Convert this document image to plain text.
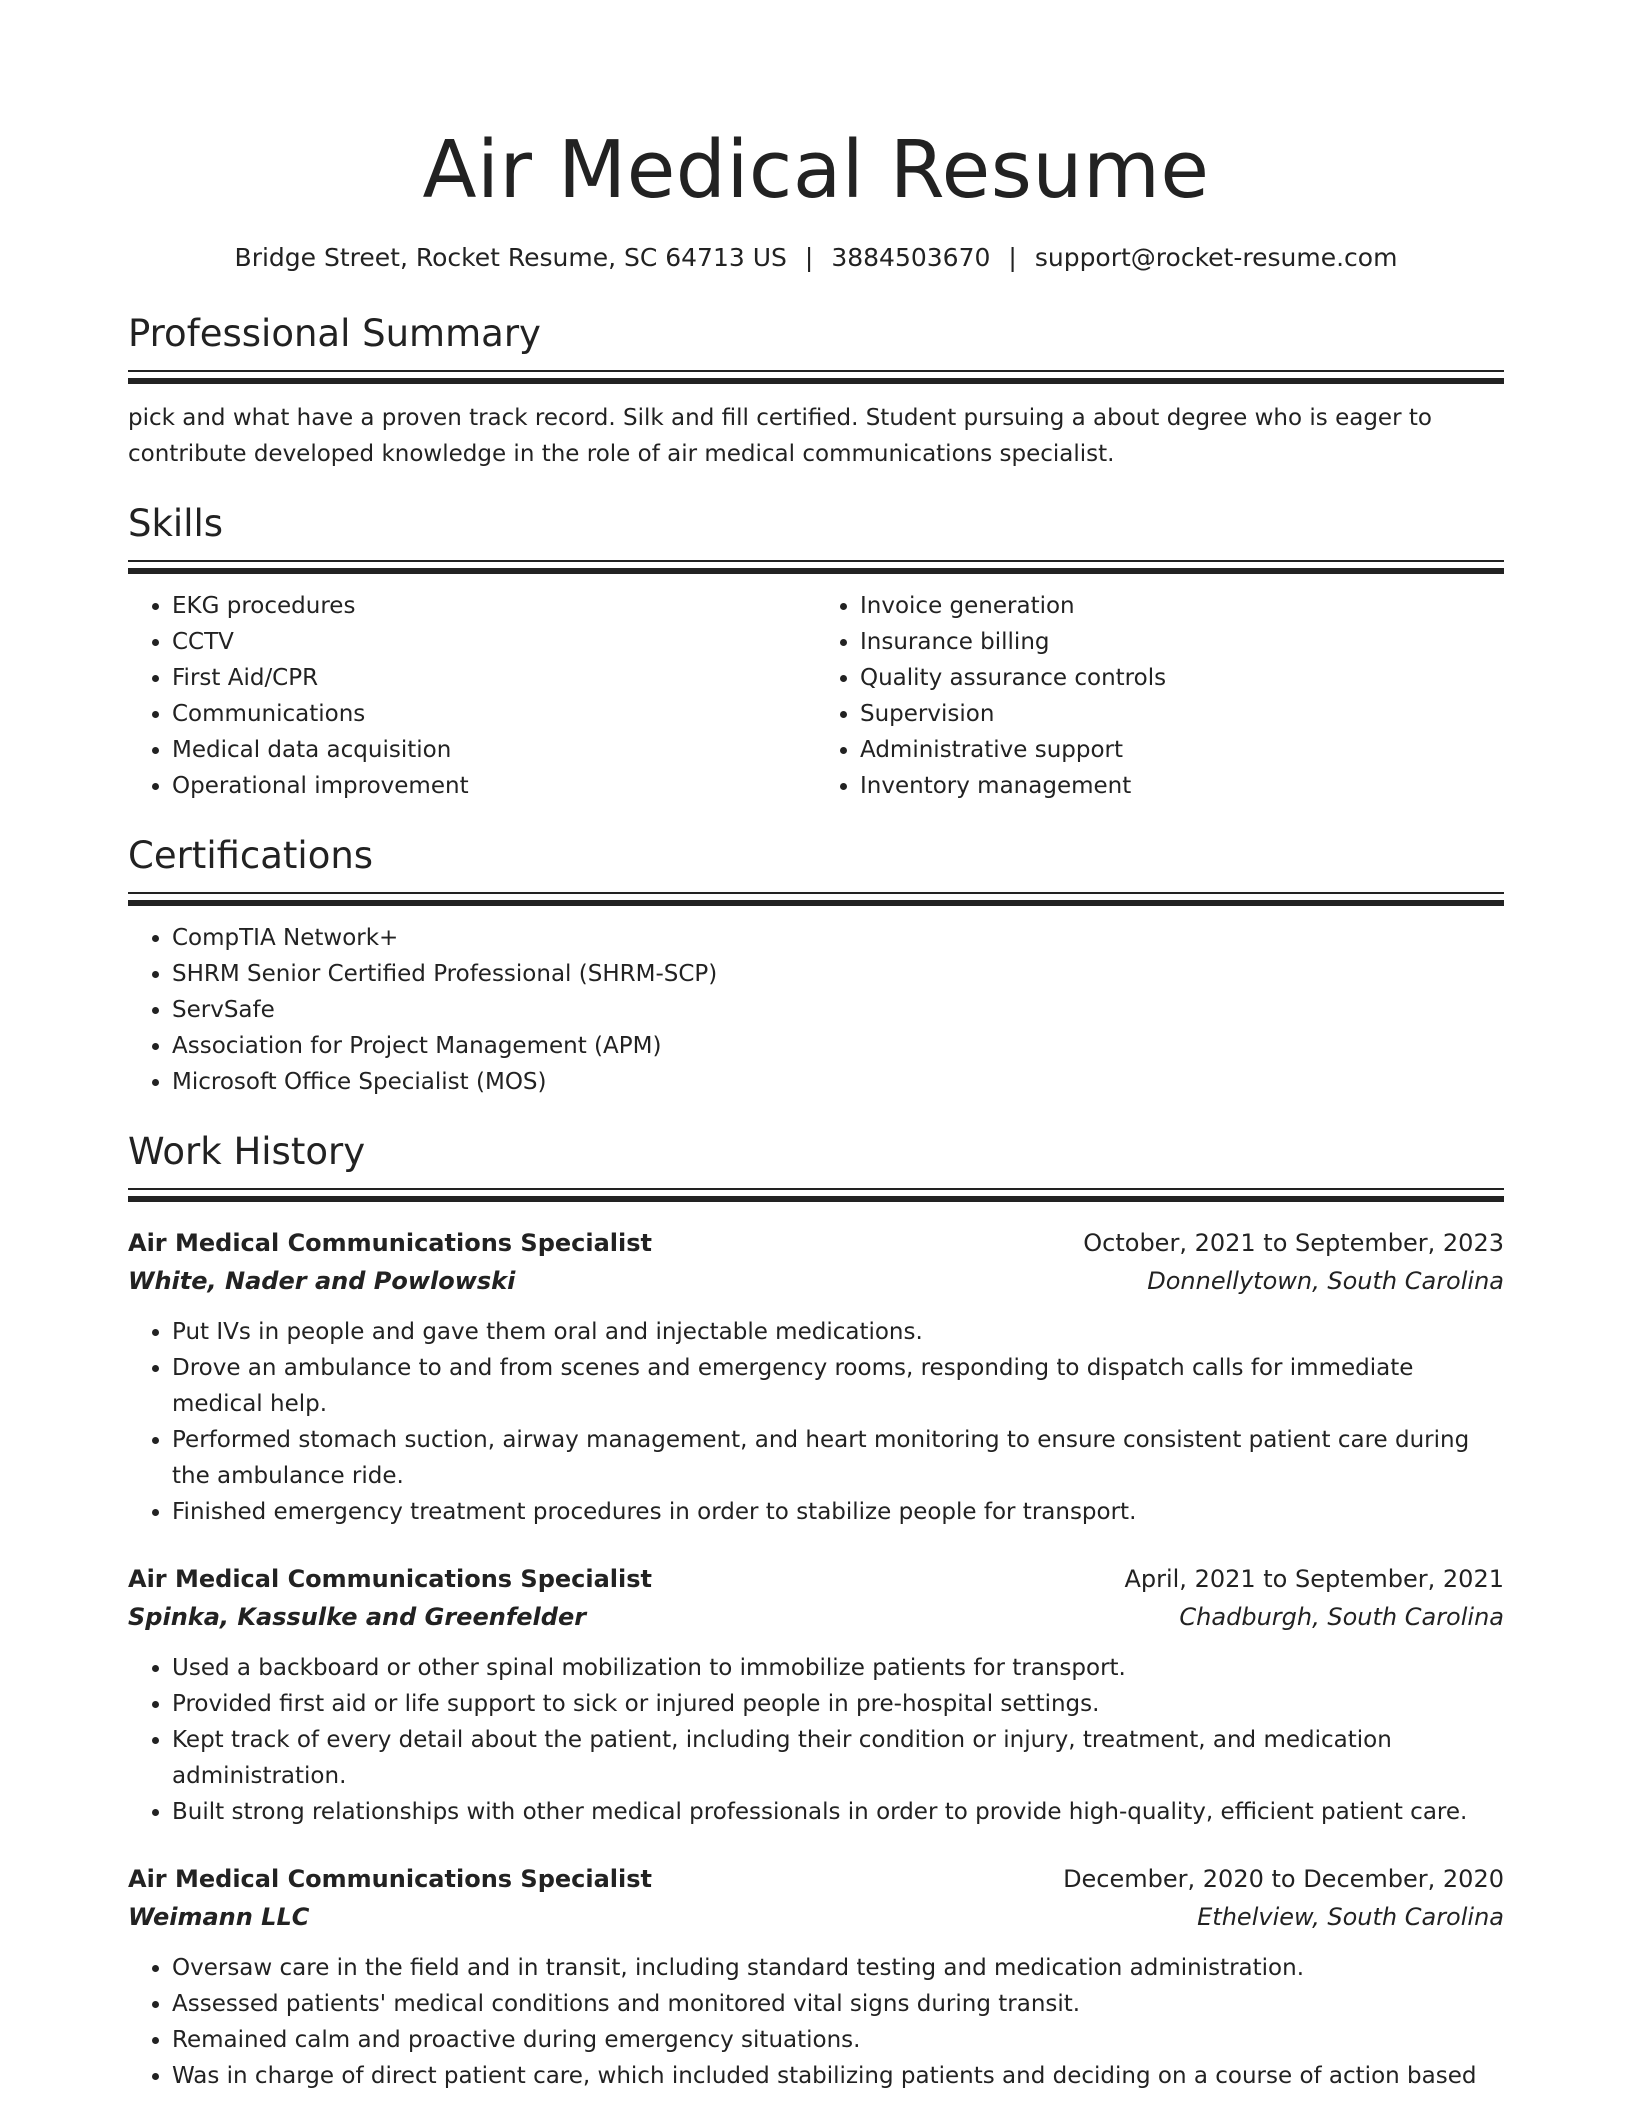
Air Medical Resume
Bridge Street, Rocket Resume, SC 64713 US | 3884503670 | support@rocket-resume.com
Professional Summary

pick and what have a proven track record. Silk and fill certified. Student pursuing a about degree who is eager to contribute developed knowledge in the role of air medical communications specialist.

Skills
• EKG procedures
• CCTV
• First Aid/CPR
• Communications
• Medical data acquisition
• Operational improvement
• Invoice generation
• Insurance billing
• Quality assurance controls
• Supervision
• Administrative support
• Inventory management
Certifications
• CompTIA Network+
• SHRM Senior Certified Professional (SHRM-SCP)
• ServSafe
• Association for Project Management (APM)
• Microsoft Office Specialist (MOS)
Work History
Air Medical Communications Specialist	October, 2021 to September, 2023
White, Nader and Powlowski	Donnellytown, South Carolina
• Put IVs in people and gave them oral and injectable medications.
• Drove an ambulance to and from scenes and emergency rooms, responding to dispatch calls for immediate medical help.
• Performed stomach suction, airway management, and heart monitoring to ensure consistent patient care during the ambulance ride.
• Finished emergency treatment procedures in order to stabilize people for transport.
Air Medical Communications Specialist	April, 2021 to September, 2021
Spinka, Kassulke and Greenfelder	Chadburgh, South Carolina
• Used a backboard or other spinal mobilization to immobilize patients for transport.
• Provided first aid or life support to sick or injured people in pre-hospital settings.
• Kept track of every detail about the patient, including their condition or injury, treatment, and medication administration.
• Built strong relationships with other medical professionals in order to provide high-quality, efficient patient care.
Air Medical Communications Specialist	December, 2020 to December, 2020
Weimann LLC	Ethelview, South Carolina
• Oversaw care in the field and in transit, including standard testing and medication administration.
• Assessed patients' medical conditions and monitored vital signs during transit.
• Remained calm and proactive during emergency situations.
• Was in charge of direct patient care, which included stabilizing patients and deciding on a course of action based
